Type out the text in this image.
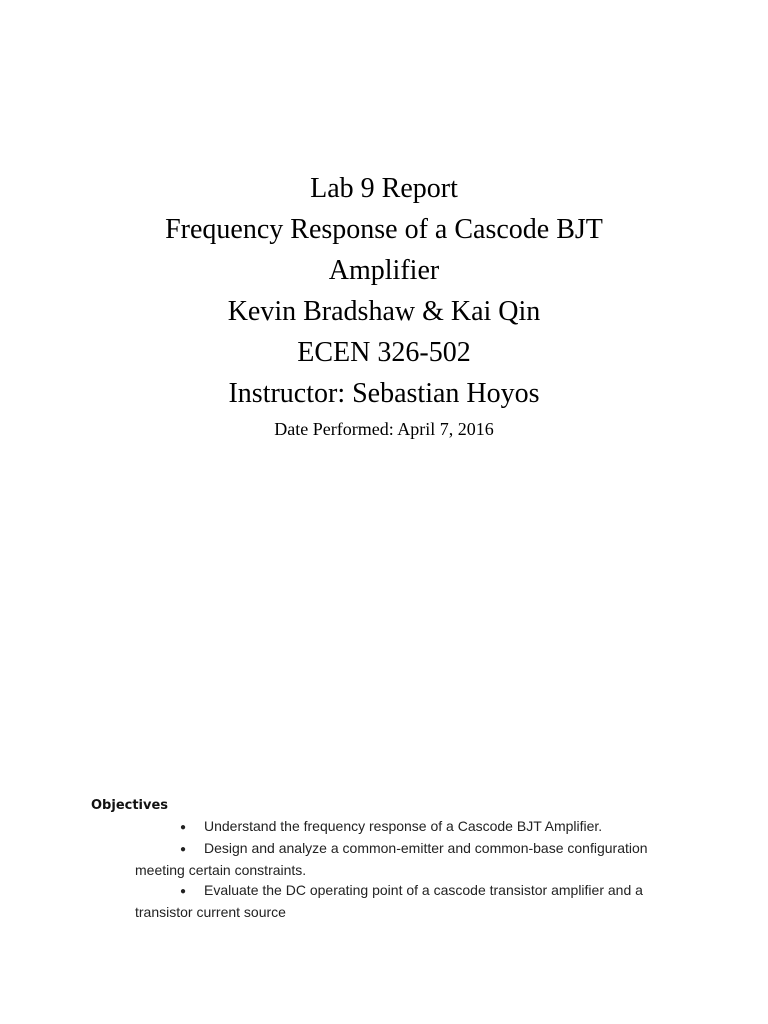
Lab 9 Report

Frequency Response of a Cascode BJT

Amplifier

Kevin Bradshaw & Kai Qin

ECEN 326-502

Instructor: Sebastian Hoyos

Date Performed: April 7, 2016
Objectives
● Understand the frequency response of a Cascode BJT Amplifier.
● Design and analyze a common-emitter and common-base configuration meeting certain constraints.
● Evaluate the DC operating point of a cascode transistor amplifier and a transistor current source
